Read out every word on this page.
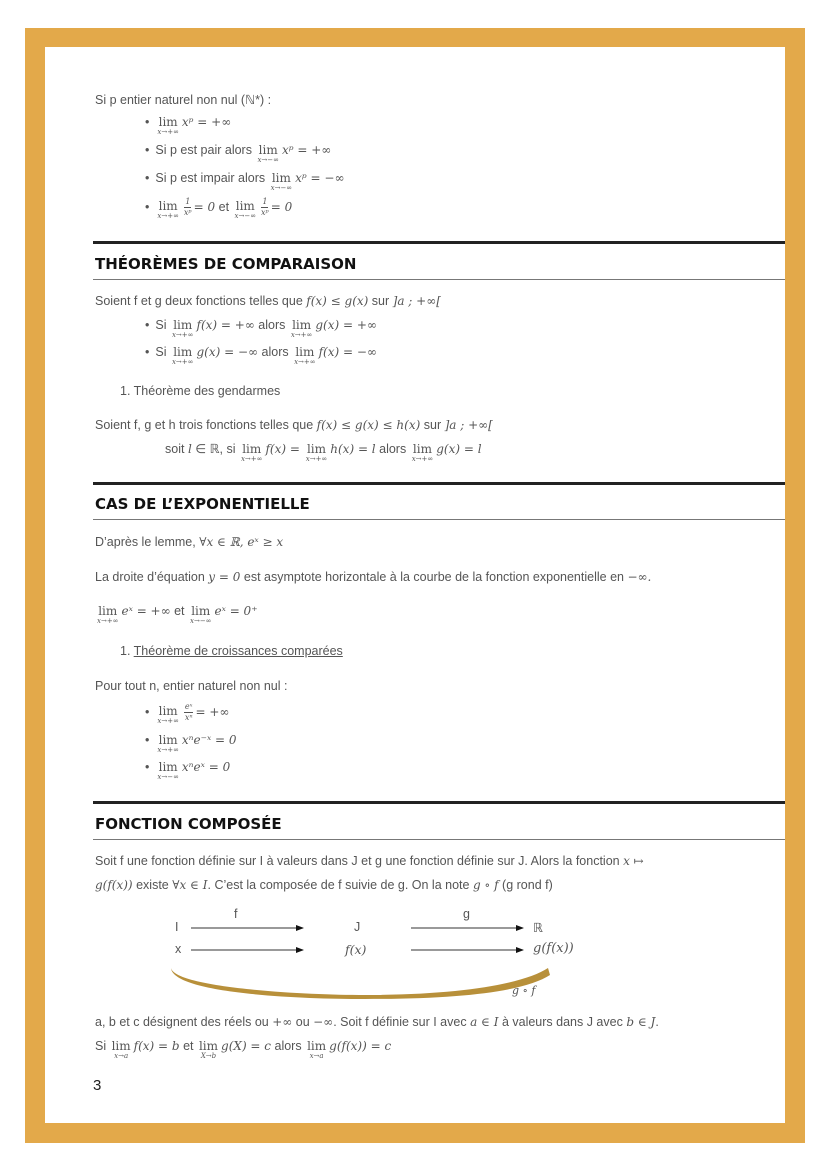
Si p entier naturel non nul (ℕ*) :
• lim
x→+∞
xᵖ = +∞
• Si p est pair alors lim
x→−∞
xᵖ = +∞
• Si p est impair alors lim
x→−∞
xᵖ = −∞
• lim
$x\to+\infty \frac{1}{\text{xᵖ}} = 0$ et lim
$x\to-\infty \frac{1}{\text{xᵖ}} = 0$
THÉORÈMES DE COMPARAISON
Soient f et g deux fonctions telles que f(x) ≤ g(x) sur ]a ; +∞[
• Si lim
x→+∞
f(x) = +∞ alors lim
x→+∞
g(x) = +∞
• Si lim
x→+∞
g(x) = −∞ alors lim
x→+∞
f(x) = −∞
1. Théorème des gendarmes
Soient f, g et h trois fonctions telles que f(x) ≤ g(x) ≤ h(x) sur ]a ; +∞[
soit l ∈ ℝ, si lim
x→+∞
f(x) = lim
x→+∞
h(x) = l alors lim
x→+∞
g(x) = l
CAS DE L’EXPONENTIELLE
D’après le lemme, ∀x ∈ ℝ, eˣ ≥ x
La droite d’équation y = 0 est asymptote horizontale à la courbe de la fonction exponentielle en −∞.
lim
x→+∞
eˣ = +∞ et lim
x→−∞
eˣ = 0⁺
1. Théorème de croissances comparées
Pour tout n, entier naturel non nul :
• lim
$x\to+\infty \frac{\text{eˣ}}{\text{xⁿ}}$ = +∞
• lim
x→+∞
xⁿe⁻ˣ = 0
• lim
x→−∞
xⁿeˣ = 0
FONCTION COMPOSÉE
Soit f une fonction définie sur I à valeurs dans J et g une fonction définie sur J. Alors la fonction x ↦
g(f(x)) existe ∀x ∈ I. C’est la composée de f suivie de g. On la note g ∘ f (g rond f)
I
x
f
J
f(x)
g
ℝ
g(f(x))
g ∘ f
a, b et c désignent des réels ou +∞ ou −∞. Soit f définie sur I avec a ∈ I à valeurs dans J avec b ∈ J.
Si lim
x→a
f(x) = b et lim
X→b
g(X) = c alors lim
x→a
g(f(x)) = c
3
